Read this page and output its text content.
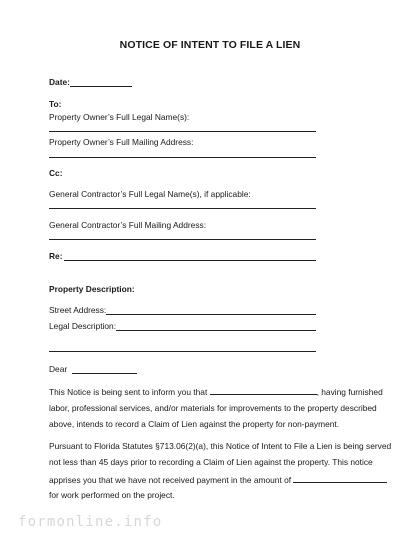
NOTICE OF INTENT TO FILE A LIEN
Date:
To:
Property Owner’s Full Legal Name(s):
Property Owner’s Full Mailing Address:
Cc:
General Contractor’s Full Legal Name(s), if applicable:
General Contractor’s Full Mailing Address:
Re:
Property Description:
Street Address:
Legal Description:
Dear
This Notice is being sent to inform you that	, having furnished
labor, professional services, and/or materials for improvements to the property described
above, intends to record a Claim of Lien against the property for non-payment.
Pursuant to Florida Statutes §713.06(2)(a), this Notice of Intent to File a Lien is being served
not less than 45 days prior to recording a Claim of Lien against the property. This notice
apprises you that we have not received payment in the amount of
for work performed on the project.
formonline.info
